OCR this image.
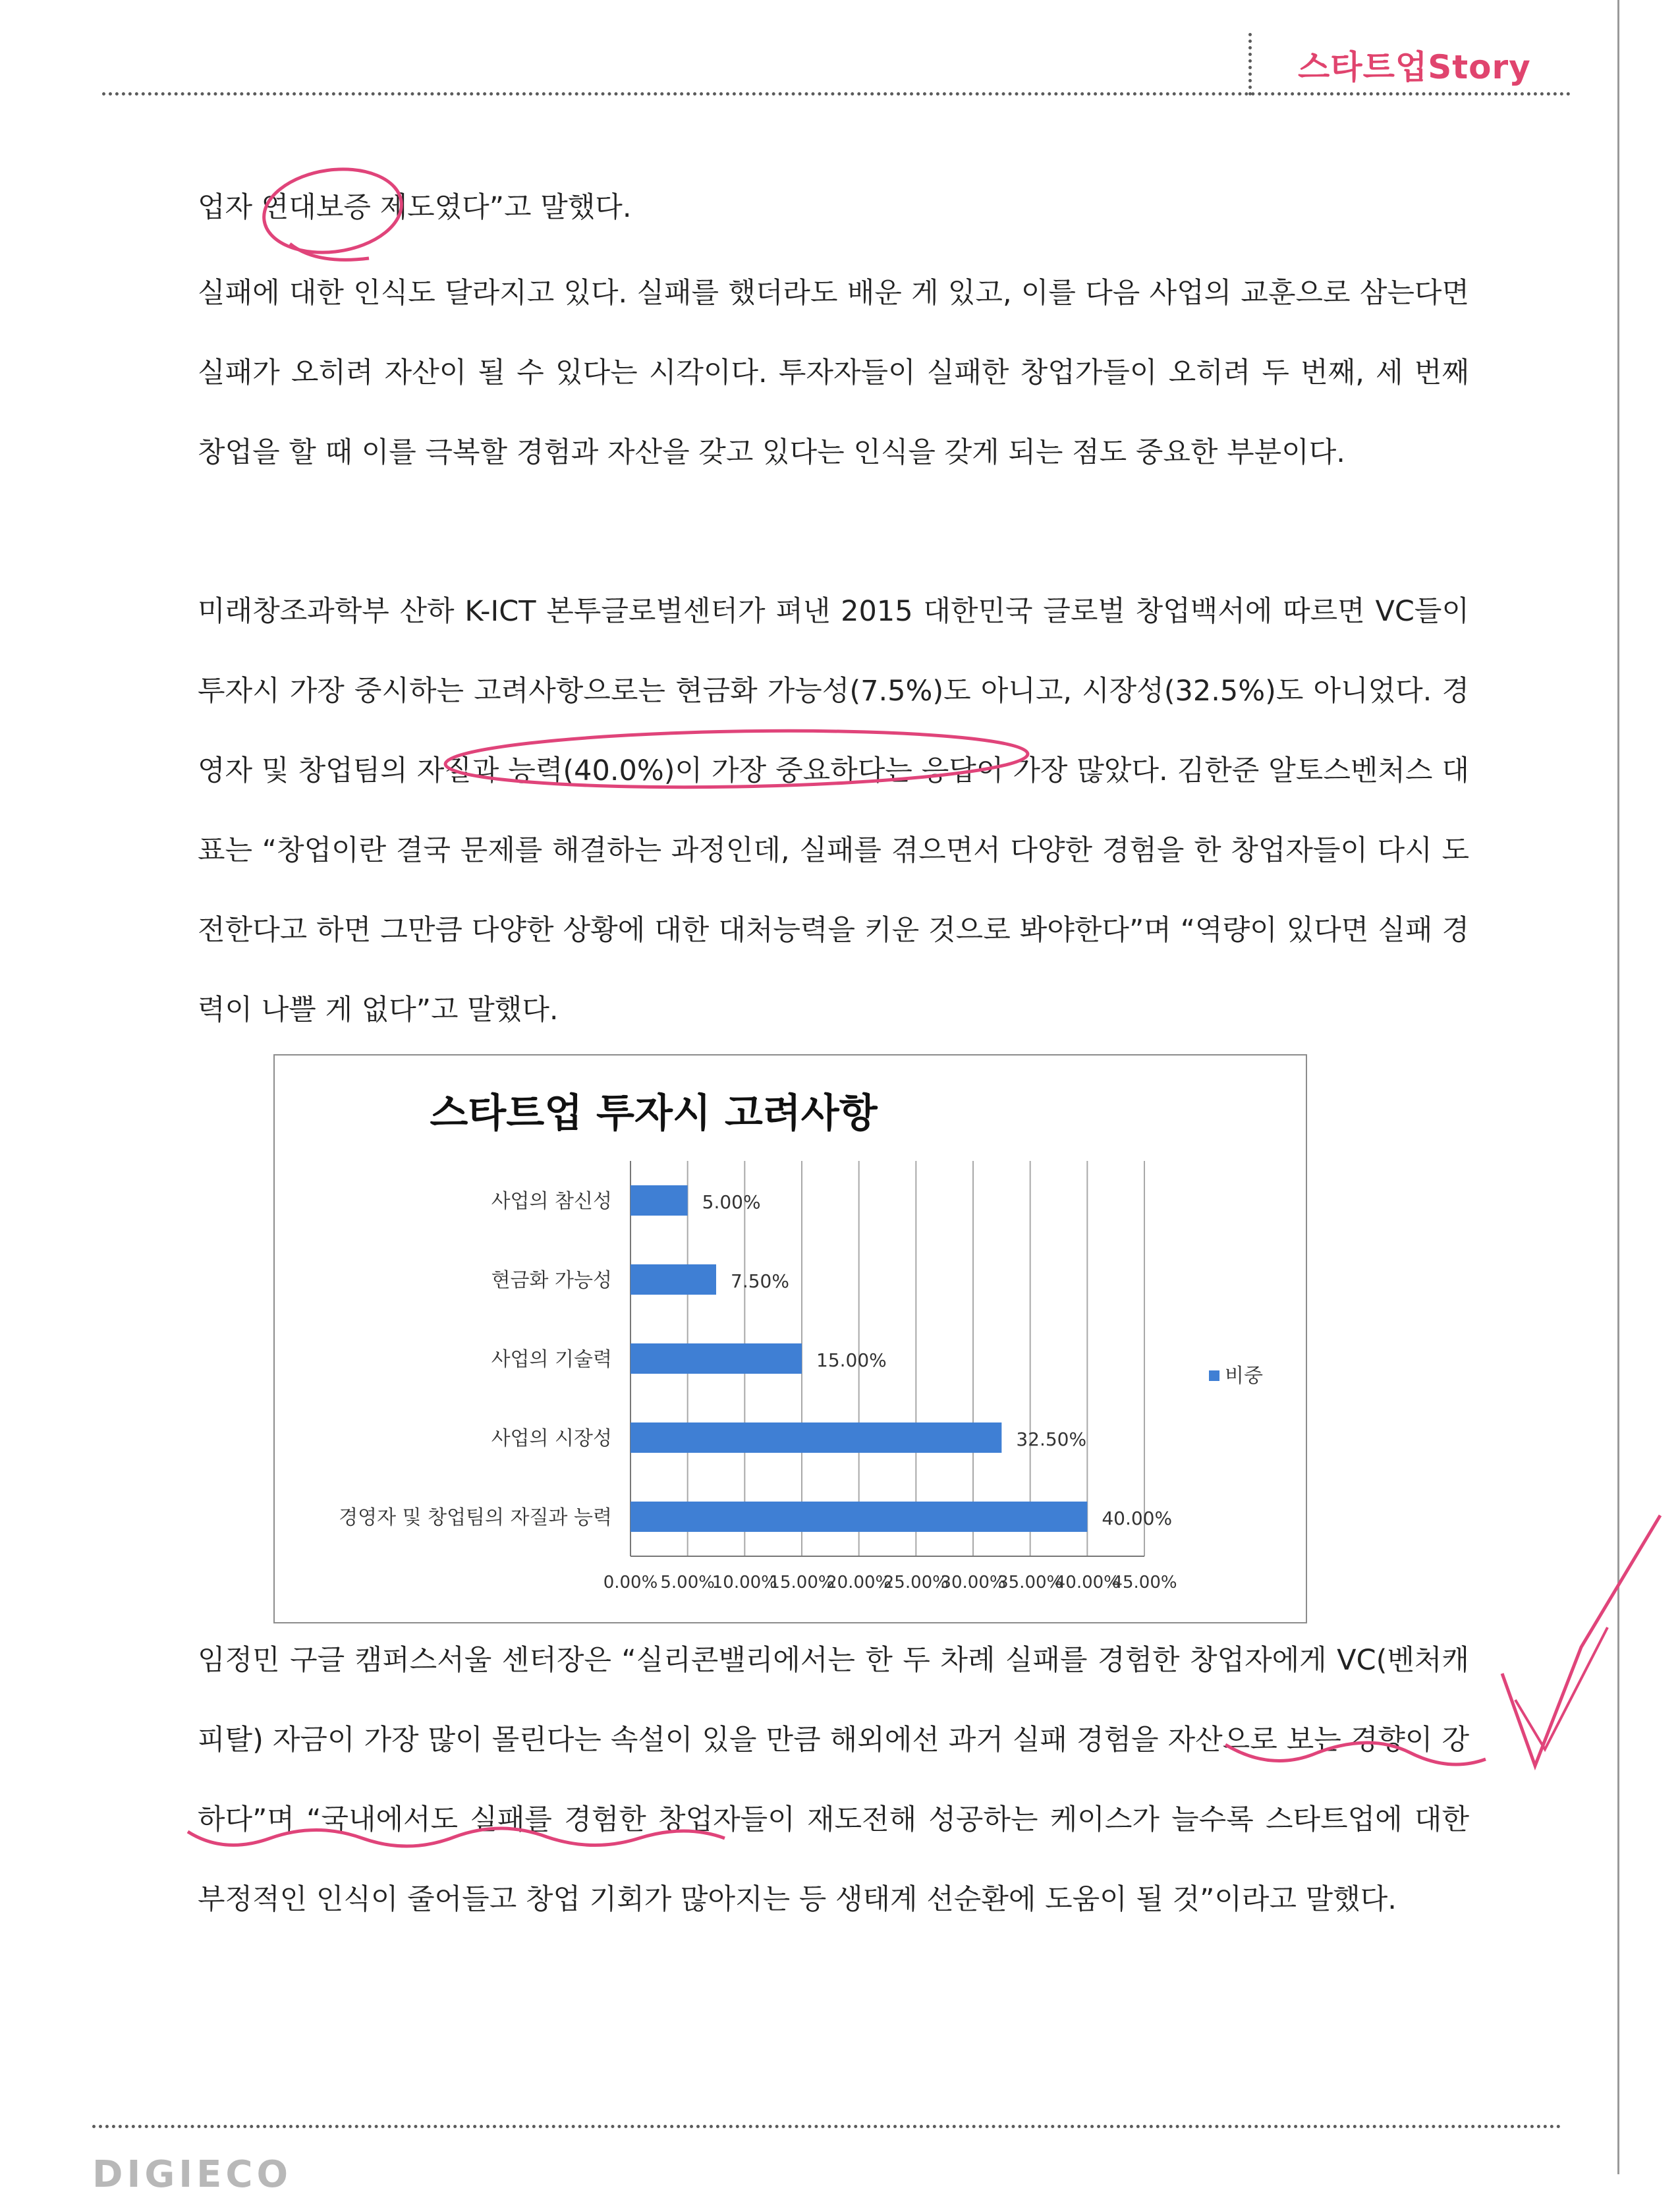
스타트업Story

업자 연대보증 제도였다”고 말했다.

실패에 대한 인식도 달라지고 있다. 실패를 했더라도 배운 게 있고, 이를 다음 사업의 교훈으로 삼는다면 실패가 오히려 자산이 될 수 있다는 시각이다. 투자자들이 실패한 창업가들이 오히려 두 번째, 세 번째 창업을 할 때 이를 극복할 경험과 자산을 갖고 있다는 인식을 갖게 되는 점도 중요한 부분이다.

미래창조과학부 산하 K-ICT 본투글로벌센터가 펴낸 2015 대한민국 글로벌 창업백서에 따르면 VC들이 투자시 가장 중시하는 고려사항으로는 현금화 가능성(7.5%)도 아니고, 시장성(32.5%)도 아니었다. 경영자 및 창업팀의 자질과 능력(40.0%)이 가장 중요하다는 응답이 가장 많았다. 김한준 알토스벤처스 대표는 “창업이란 결국 문제를 해결하는 과정인데, 실패를 겪으면서 다양한 경험을 한 창업자들이 다시 도전한다고 하면 그만큼 다양한 상황에 대한 대처능력을 키운 것으로 봐야한다”며 “역량이 있다면 실패 경력이 나쁠 게 없다”고 말했다.

스타트업 투자시 고려사항
사업의 참신성	5.00%
현금화 가능성	7.50%
사업의 기술력	15.00%
사업의 시장성	32.50%
경영자 및 창업팀의 자질과 능력	40.00%
0.00% 5.00%
10.00%
15.00%
20.00%
25.00%
30.00%
35.00%
40.00%
45.00%
비중

임정민 구글 캠퍼스서울 센터장은 “실리콘밸리에서는 한 두 차례 실패를 경험한 창업자에게 VC(벤처캐피탈) 자금이 가장 많이 몰린다는 속설이 있을 만큼 해외에선 과거 실패 경험을 자산으로 보는 경향이 강하다”며 “국내에서도 실패를 경험한 창업자들이 재도전해 성공하는 케이스가 늘수록 스타트업에 대한 부정적인 인식이 줄어들고 창업 기회가 많아지는 등 생태계 선순환에 도움이 될 것”이라고 말했다.

DIGIECO
